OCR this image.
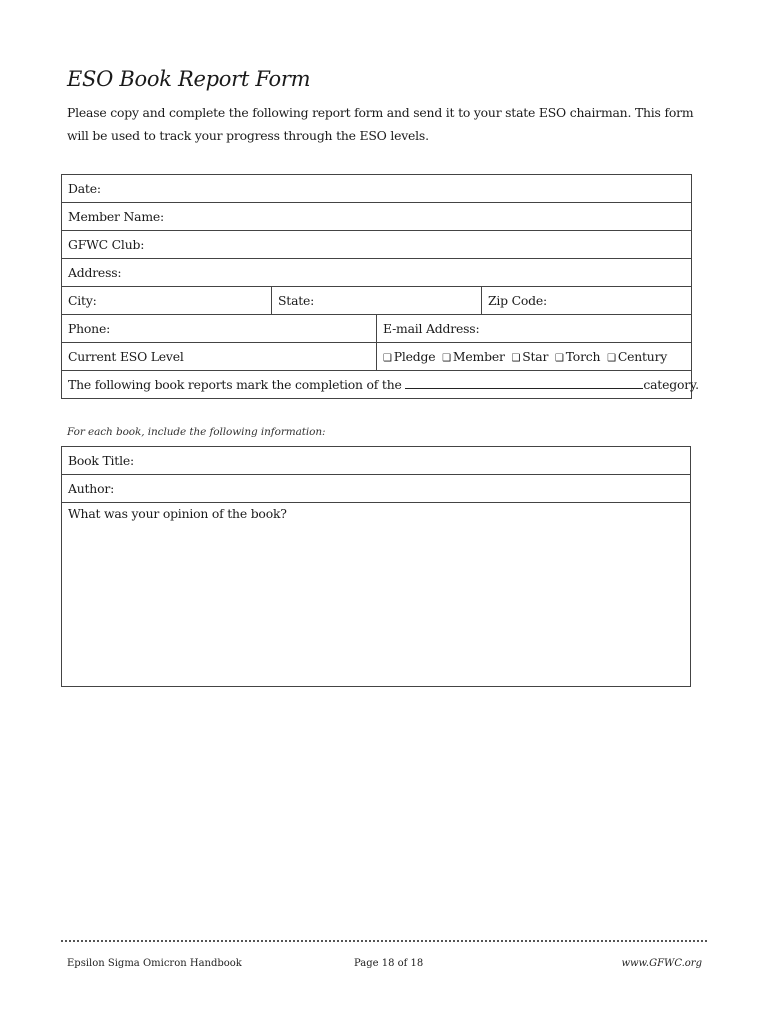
ESO Book Report Form
Please copy and complete the following report form and send it to your state ESO chairman. This form will be used to track your progress through the ESO levels.
Date:			
Member Name:			
GFWC Club:			
Address:			
City:	State:		Zip Code:
Phone:		E-mail Address:	
Current ESO Level		❑ Pledge ❑ Member ❑ Star ❑ Torch ❑ Century	
The following book reports mark the completion of the category.			
For each book, include the following information:
Book Title:
Author:
What was your opinion of the book?
Epsilon Sigma Omicron Handbook	Page 18 of 18	www.GFWC.org
